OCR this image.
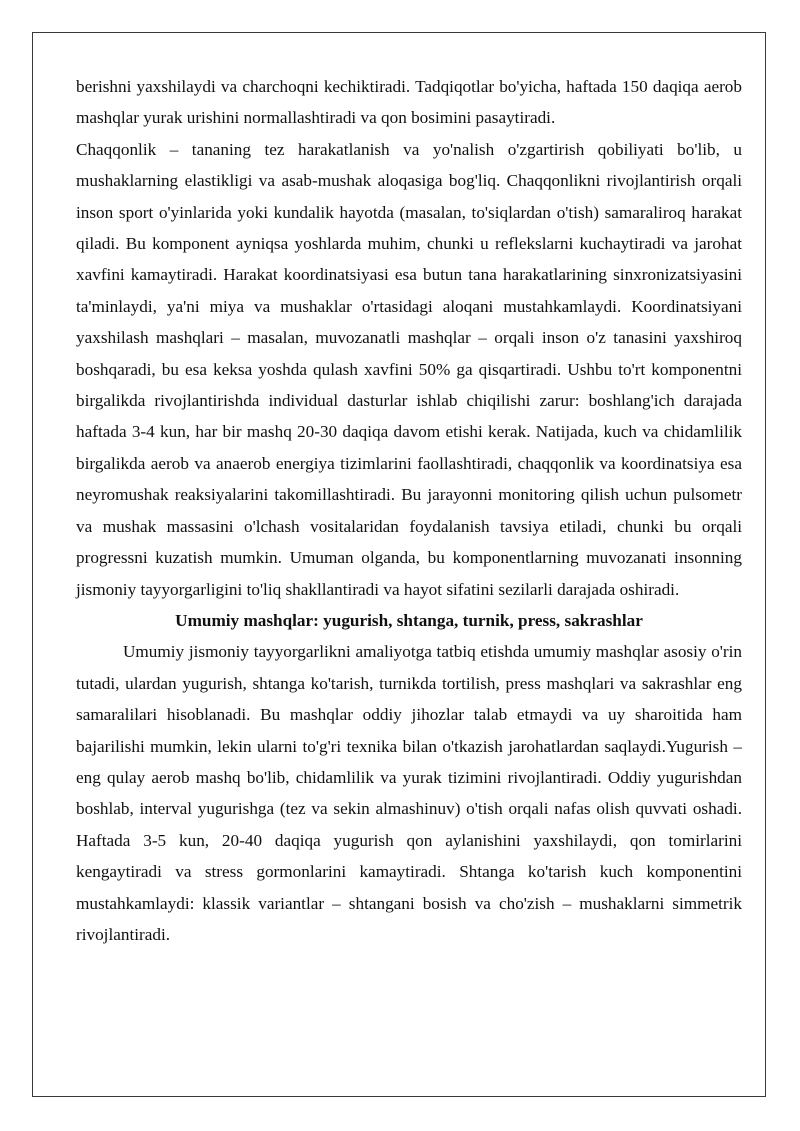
berishni yaxshilaydi va charchoqni kechiktiradi. Tadqiqotlar bo'yicha, haftada 150 daqiqa aerob mashqlar yurak urishini normallashtiradi va qon bosimini pasaytiradi.

Chaqqonlik – tananing tez harakatlanish va yo'nalish o'zgartirish qobiliyati bo'lib, u mushaklarning elastikligi va asab-mushak aloqasiga bog'liq. Chaqqonlikni rivojlantirish orqali inson sport o'yinlarida yoki kundalik hayotda (masalan, to'siqlardan o'tish) samaraliroq harakat qiladi. Bu komponent ayniqsa yoshlarda muhim, chunki u reflekslarni kuchaytiradi va jarohat xavfini kamaytiradi. Harakat koordinatsiyasi esa butun tana harakatlarining sinxronizatsiyasini ta'minlaydi, ya'ni miya va mushaklar o'rtasidagi aloqani mustahkamlaydi. Koordinatsiyani yaxshilash mashqlari – masalan, muvozanatli mashqlar – orqali inson o'z tanasini yaxshiroq boshqaradi, bu esa keksa yoshda qulash xavfini 50% ga qisqartiradi. Ushbu to'rt komponentni birgalikda rivojlantirishda individual dasturlar ishlab chiqilishi zarur: boshlang'ich darajada haftada 3-4 kun, har bir mashq 20-30 daqiqa davom etishi kerak. Natijada, kuch va chidamlilik birgalikda aerob va anaerob energiya tizimlarini faollashtiradi, chaqqonlik va koordinatsiya esa neyromushak reaksiyalarini takomillashtiradi. Bu jarayonni monitoring qilish uchun pulsometr va mushak massasini o'lchash vositalaridan foydalanish tavsiya etiladi, chunki bu orqali progressni kuzatish mumkin. Umuman olganda, bu komponentlarning muvozanati insonning jismoniy tayyorgarligini to'liq shakllantiradi va hayot sifatini sezilarli darajada oshiradi.

Umumiy mashqlar: yugurish, shtanga, turnik, press, sakrashlar

Umumiy jismoniy tayyorgarlikni amaliyotga tatbiq etishda umumiy mashqlar asosiy o'rin tutadi, ulardan yugurish, shtanga ko'tarish, turnikda tortilish, press mashqlari va sakrashlar eng samaralilari hisoblanadi. Bu mashqlar oddiy jihozlar talab etmaydi va uy sharoitida ham bajarilishi mumkin, lekin ularni to'g'ri texnika bilan o'tkazish jarohatlardan saqlaydi.Yugurish – eng qulay aerob mashq bo'lib, chidamlilik va yurak tizimini rivojlantiradi. Oddiy yugurishdan boshlab, interval yugurishga (tez va sekin almashinuv) o'tish orqali nafas olish quvvati oshadi. Haftada 3-5 kun, 20-40 daqiqa yugurish qon aylanishini yaxshilaydi, qon tomirlarini kengaytiradi va stress gormonlarini kamaytiradi. Shtanga ko'tarish kuch komponentini mustahkamlaydi: klassik variantlar – shtangani bosish va cho'zish – mushaklarni simmetrik rivojlantiradi.
